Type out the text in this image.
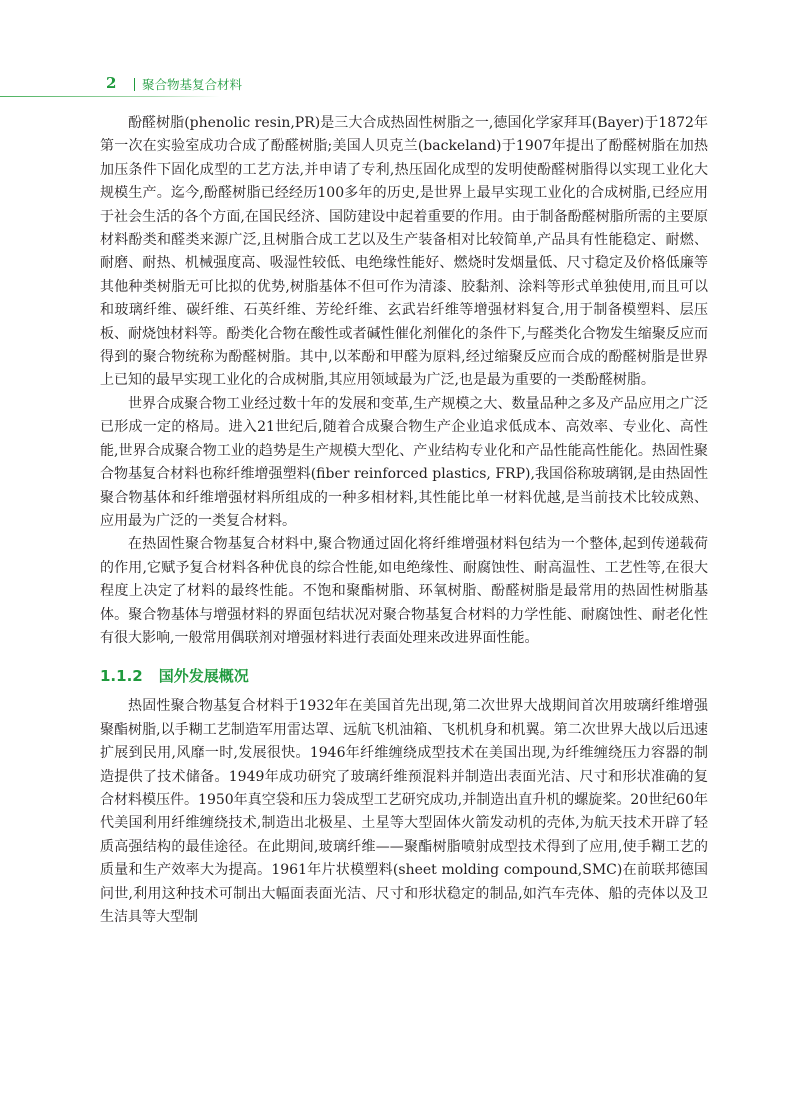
2 聚合物基复合材料

酚醛树脂(phenolic resin,PR)是三大合成热固性树脂之一,德国化学家拜耳(Bayer)于1872年第一次在实验室成功合成了酚醛树脂;美国人贝克兰(backeland)于1907年提出了酚醛树脂在加热加压条件下固化成型的工艺方法,并申请了专利,热压固化成型的发明使酚醛树脂得以实现工业化大规模生产。迄今,酚醛树脂已经经历100多年的历史,是世界上最早实现工业化的合成树脂,已经应用于社会生活的各个方面,在国民经济、国防建设中起着重要的作用。由于制备酚醛树脂所需的主要原材料酚类和醛类来源广泛,且树脂合成工艺以及生产装备相对比较简单,产品具有性能稳定、耐燃、耐磨、耐热、机械强度高、吸湿性较低、电绝缘性能好、燃烧时发烟量低、尺寸稳定及价格低廉等其他种类树脂无可比拟的优势,树脂基体不但可作为清漆、胶黏剂、涂料等形式单独使用,而且可以和玻璃纤维、碳纤维、石英纤维、芳纶纤维、玄武岩纤维等增强材料复合,用于制备模塑料、层压板、耐烧蚀材料等。酚类化合物在酸性或者碱性催化剂催化的条件下,与醛类化合物发生缩聚反应而得到的聚合物统称为酚醛树脂。其中,以苯酚和甲醛为原料,经过缩聚反应而合成的酚醛树脂是世界上已知的最早实现工业化的合成树脂,其应用领域最为广泛,也是最为重要的一类酚醛树脂。

世界合成聚合物工业经过数十年的发展和变革,生产规模之大、数量品种之多及产品应用之广泛已形成一定的格局。进入21世纪后,随着合成聚合物生产企业追求低成本、高效率、专业化、高性能,世界合成聚合物工业的趋势是生产规模大型化、产业结构专业化和产品性能高性能化。热固性聚合物基复合材料也称纤维增强塑料(fiber reinforced plastics, FRP),我国俗称玻璃钢,是由热固性聚合物基体和纤维增强材料所组成的一种多相材料,其性能比单一材料优越,是当前技术比较成熟、应用最为广泛的一类复合材料。

在热固性聚合物基复合材料中,聚合物通过固化将纤维增强材料包结为一个整体,起到传递载荷的作用,它赋予复合材料各种优良的综合性能,如电绝缘性、耐腐蚀性、耐高温性、工艺性等,在很大程度上决定了材料的最终性能。不饱和聚酯树脂、环氧树脂、酚醛树脂是最常用的热固性树脂基体。聚合物基体与增强材料的界面包结状况对聚合物基复合材料的力学性能、耐腐蚀性、耐老化性有很大影响,一般常用偶联剂对增强材料进行表面处理来改进界面性能。

1.1.2 国外发展概况

热固性聚合物基复合材料于1932年在美国首先出现,第二次世界大战期间首次用玻璃纤维增强聚酯树脂,以手糊工艺制造军用雷达罩、远航飞机油箱、飞机机身和机翼。第二次世界大战以后迅速扩展到民用,风靡一时,发展很快。1946年纤维缠绕成型技术在美国出现,为纤维缠绕压力容器的制造提供了技术储备。1949年成功研究了玻璃纤维预混料并制造出表面光洁、尺寸和形状准确的复合材料模压件。1950年真空袋和压力袋成型工艺研究成功,并制造出直升机的螺旋桨。20世纪60年代美国利用纤维缠绕技术,制造出北极星、土星等大型固体火箭发动机的壳体,为航天技术开辟了轻质高强结构的最佳途径。在此期间,玻璃纤维——聚酯树脂喷射成型技术得到了应用,使手糊工艺的质量和生产效率大为提高。1961年片状模塑料(sheet molding compound,SMC)在前联邦德国问世,利用这种技术可制出大幅面表面光洁、尺寸和形状稳定的制品,如汽车壳体、船的壳体以及卫生洁具等大型制
